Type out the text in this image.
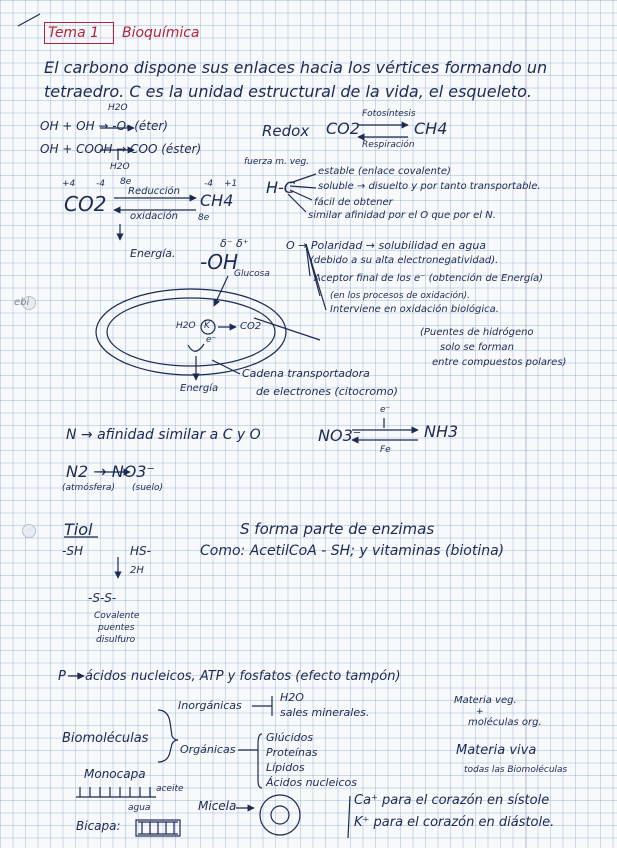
Tema 1 Bioquímica
ebi
El carbono dispone sus enlaces hacia los vértices formando un
tetraedro. C es la unidad estructural de la vida, el esqueleto.
H2O
OH + OH → -O- (éter)
OH + COOH → COO (éster)
H2O
Redox CO2	CH4
Fotosíntesis
Respiración
+4 -4 8e	-4 +1
CO2
Reducción CH4
oxidación 8e
Energía. -OH
δ⁻ δ⁺
fuerza m. veg.
H-C
estable (enlace covalente)
soluble → disuelto y por tanto transportable.
fácil de obtener
similar afinidad por el O que por el N.
O → Polaridad → solubilidad en agua
(debido a su alta electronegatividad).
Aceptor final de los e⁻ (obtención de Energía)
(en los procesos de oxidación).
Interviene en oxidación biológica.
(Puentes de hidrógeno
solo se forman
entre compuestos polares)
Glucosa
H2O K	CO2
e⁻
Energía
Cadena transportadora
de electrones (citocromo)
N → afinidad similar a C y O	NO3⁻	NH3
e⁻
Fe
N2 → NO3⁻
(atmósfera) (suelo)
Tiol
-SH	HS-
2H
-S-S-
Covalente
puentes
disulfuro
S forma parte de enzimas
Como: AcetilCoA - SH; y vitaminas (biotina)
P → ácidos nucleicos, ATP y fosfatos (efecto tampón)
Biomoléculas
Inorgánicas
H2O
sales minerales.
Orgánicas
Glúcidos
Proteínas
Lípidos
Ácidos nucleicos
Materia veg.
+
moléculas org.
Materia viva
todas las Biomoléculas
Monocapa
aceite
agua
Bicapa:
Micela	Ca⁺ para el corazón en sístole
K⁺ para el corazón en diástole.
